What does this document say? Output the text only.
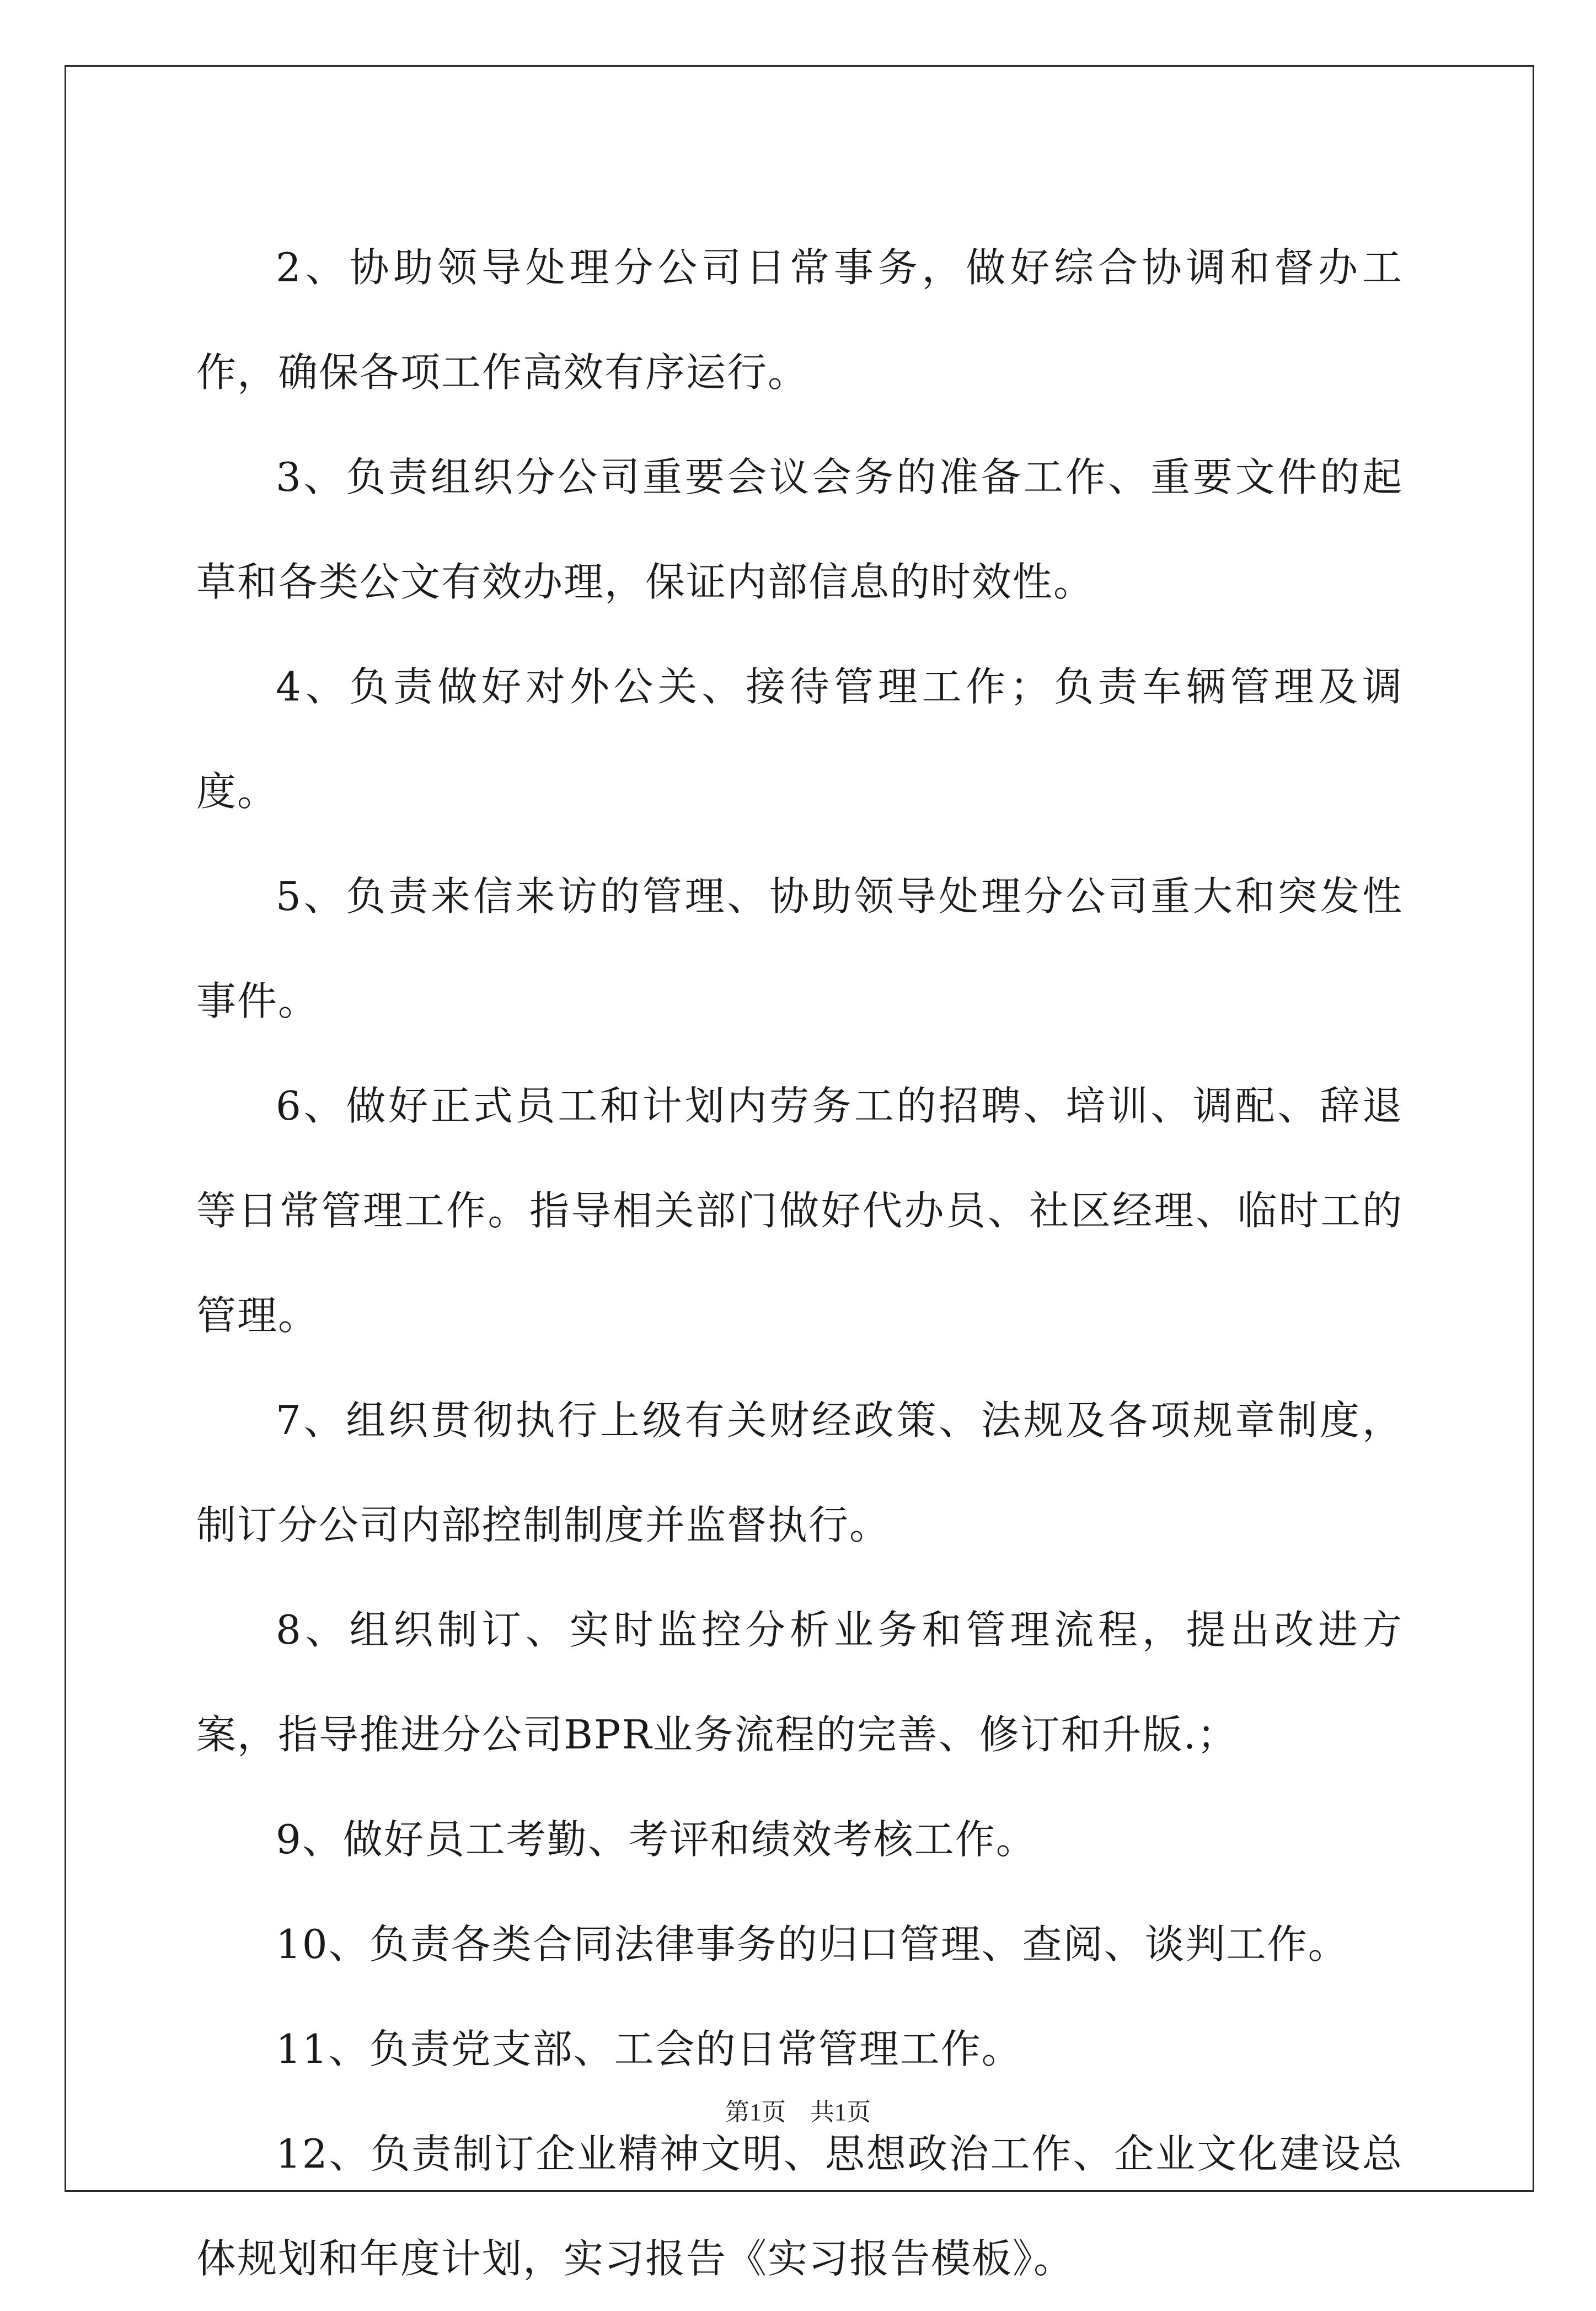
2、协助领导处理分公司日常事务，做好综合协调和督办工作，确保各项工作高效有序运行。

3、负责组织分公司重要会议会务的准备工作、重要文件的起草和各类公文有效办理，保证内部信息的时效性。

4、负责做好对外公关、接待管理工作；负责车辆管理及调度。

5、负责来信来访的管理、协助领导处理分公司重大和突发性事件。

6、做好正式员工和计划内劳务工的招聘、培训、调配、辞退等日常管理工作。指导相关部门做好代办员、社区经理、临时工的管理。

7、组织贯彻执行上级有关财经政策、法规及各项规章制度，制订分公司内部控制制度并监督执行。

8、组织制订、实时监控分析业务和管理流程，提出改进方案，指导推进分公司BPR业务流程的完善、修订和升版.；

9、做好员工考勤、考评和绩效考核工作。

10、负责各类合同法律事务的归口管理、查阅、谈判工作。

11、负责党支部、工会的日常管理工作。

12、负责制订企业精神文明、思想政治工作、企业文化建设总体规划和年度计划，实习报告《实习报告模板》。

第1页　共1页
